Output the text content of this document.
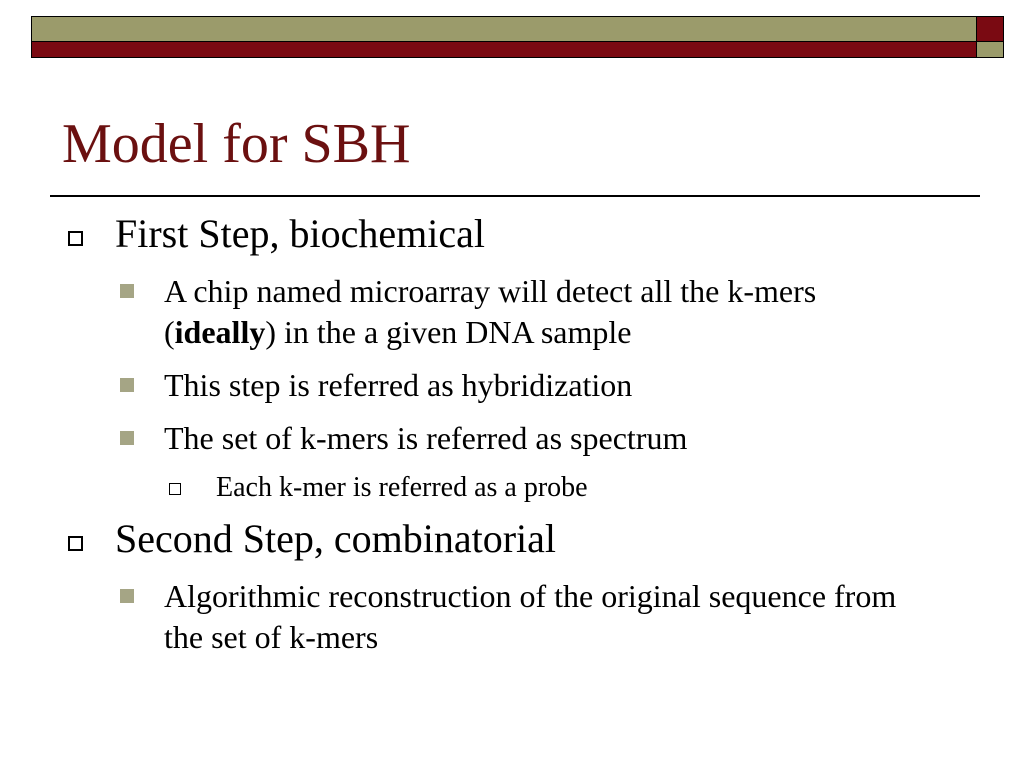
Model for SBH

First Step, biochemical

A chip named microarray will detect all the k-mers (ideally) in the a given DNA sample

This step is referred as hybridization

The set of k-mers is referred as spectrum

Each k-mer is referred as a probe

Second Step, combinatorial

Algorithmic reconstruction of the original sequence from the set of k-mers
